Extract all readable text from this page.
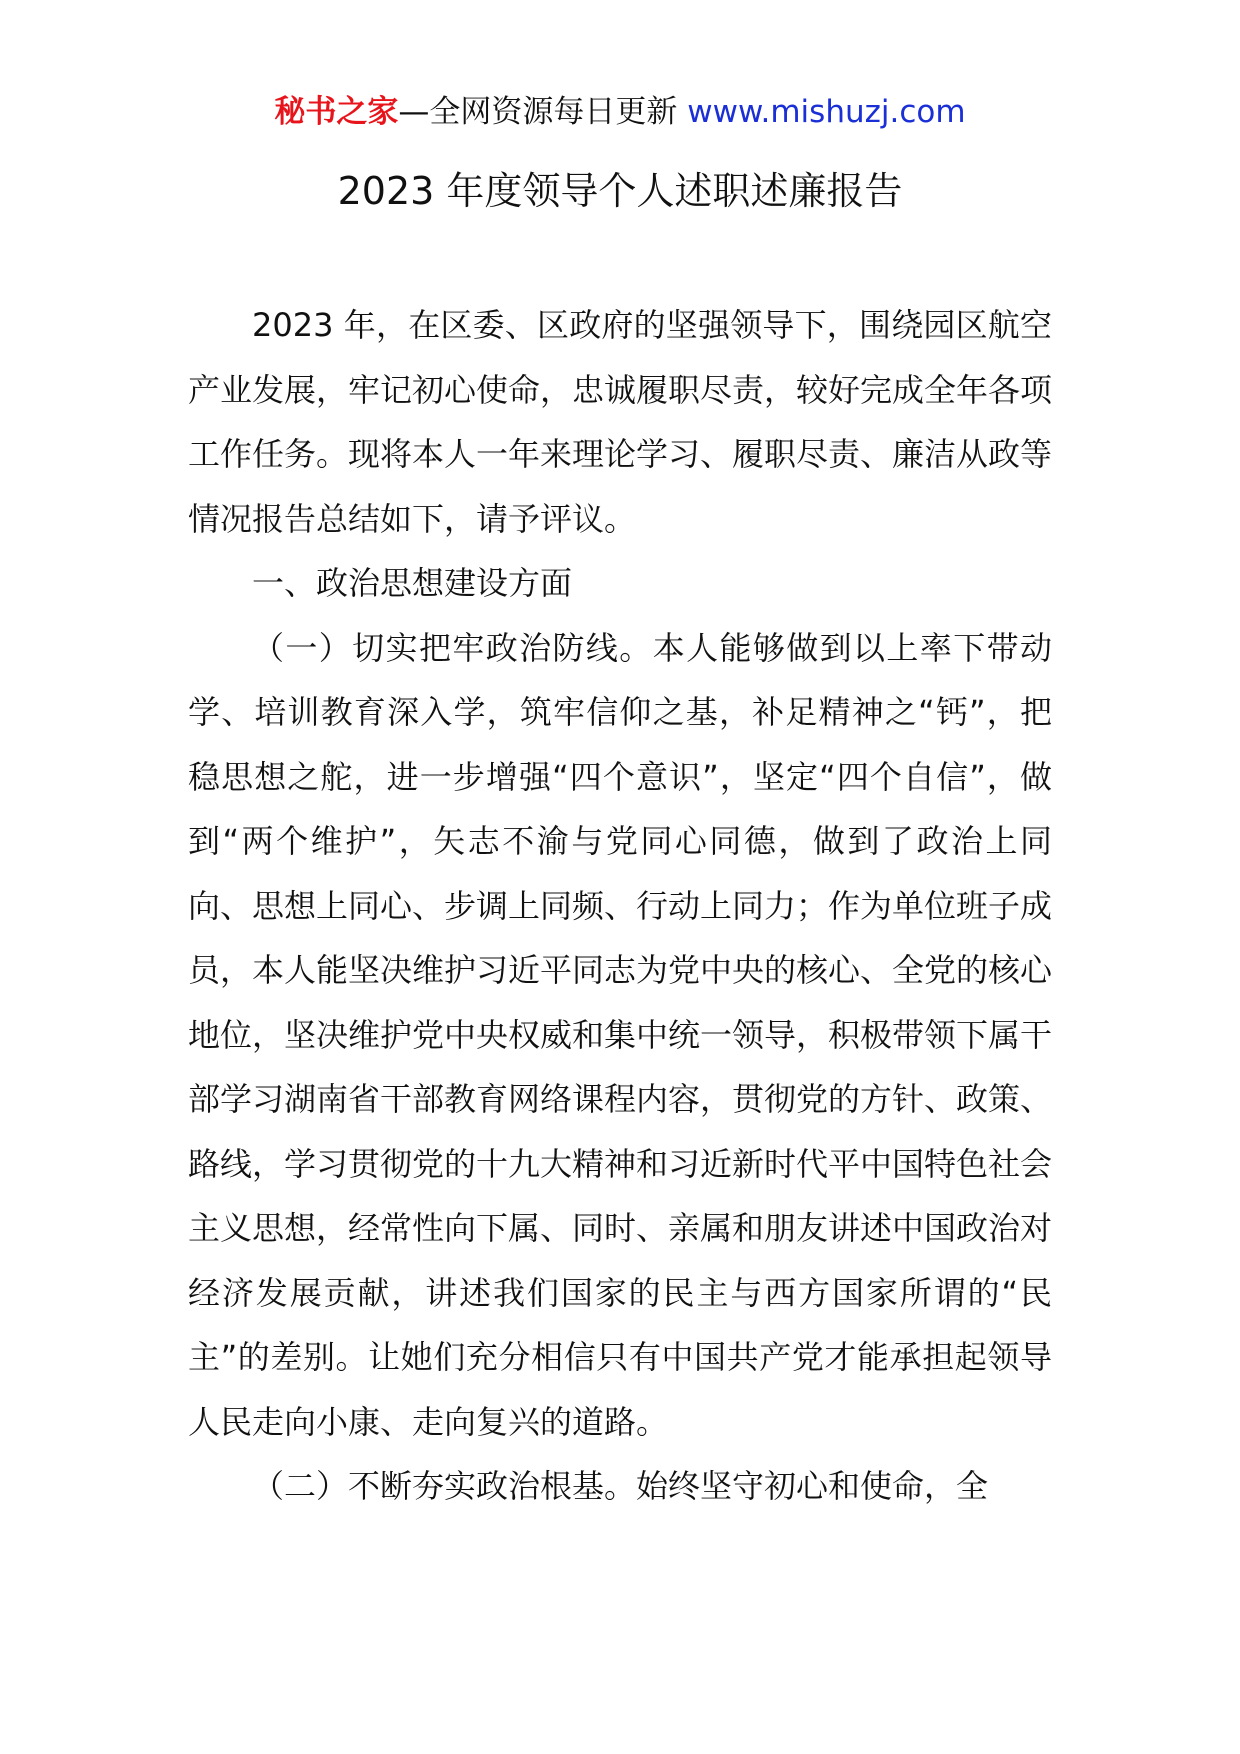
秘书之家—全网资源每日更新 www.mishuzj.com
2023 年度领导个人述职述廉报告

2023 年，在区委、区政府的坚强领导下，围绕园区航空产业发展，牢记初心使命，忠诚履职尽责，较好完成全年各项工作任务。现将本人一年来理论学习、履职尽责、廉洁从政等情况报告总结如下，请予评议。

一、政治思想建设方面

（一）切实把牢政治防线。本人能够做到以上率下带动学、培训教育深入学，筑牢信仰之基，补足精神之“钙”，把稳思想之舵，进一步增强“四个意识”，坚定“四个自信”，做到“两个维护”，矢志不渝与党同心同德，做到了政治上同向、思想上同心、步调上同频、行动上同力；作为单位班子成员，本人能坚决维护习近平同志为党中央的核心、全党的核心地位，坚决维护党中央权威和集中统一领导，积极带领下属干部学习湖南省干部教育网络课程内容，贯彻党的方针、政策、路线，学习贯彻党的十九大精神和习近新时代平中国特色社会主义思想，经常性向下属、同时、亲属和朋友讲述中国政治对经济发展贡献，讲述我们国家的民主与西方国家所谓的“民主”的差别。让她们充分相信只有中国共产党才能承担起领导人民走向小康、走向复兴的道路。

（二）不断夯实政治根基。始终坚守初心和使命，全
